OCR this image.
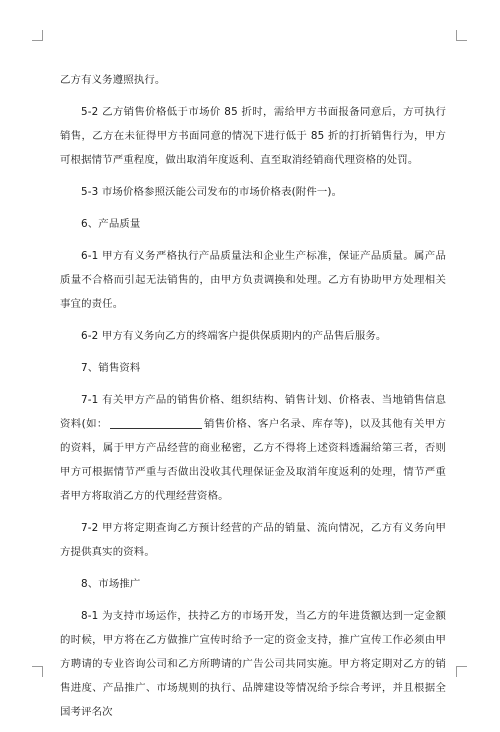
乙方有义务遵照执行。

5-2 乙方销售价格低于市场价 85 折时，需给甲方书面报备同意后，方可执行销售，乙方在未征得甲方书面同意的情况下进行低于 85 折的打折销售行为，甲方可根据情节严重程度，做出取消年度返利、直至取消经销商代理资格的处罚。

5-3 市场价格参照沃能公司发布的市场价格表(附件一)。

6、产品质量

6-1 甲方有义务严格执行产品质量法和企业生产标准，保证产品质量。属产品质量不合格而引起无法销售的，由甲方负责调换和处理。乙方有协助甲方处理相关事宜的责任。

6-2 甲方有义务向乙方的终端客户提供保质期内的产品售后服务。

7、销售资料

7-1 有关甲方产品的销售价格、组织结构、销售计划、价格表、当地销售信息资料(如：	销售价格、客户名录、库存等)，以及其他有关甲方的资料，属于甲方产品经营的商业秘密，乙方不得将上述资料透漏给第三者，否则甲方可根据情节严重与否做出没收其代理保证金及取消年度返利的处理，情节严重者甲方将取消乙方的代理经营资格。

7-2 甲方将定期查询乙方预计经营的产品的销量、流向情况，乙方有义务向甲方提供真实的资料。

8、市场推广

8-1 为支持市场运作，扶持乙方的市场开发，当乙方的年进货额达到一定金额的时候，甲方将在乙方做推广宣传时给予一定的资金支持，推广宣传工作必须由甲方聘请的专业咨询公司和乙方所聘请的广告公司共同实施。甲方将定期对乙方的销售进度、产品推广、市场规则的执行、品牌建设等情况给予综合考评，并且根据全国考评名次
